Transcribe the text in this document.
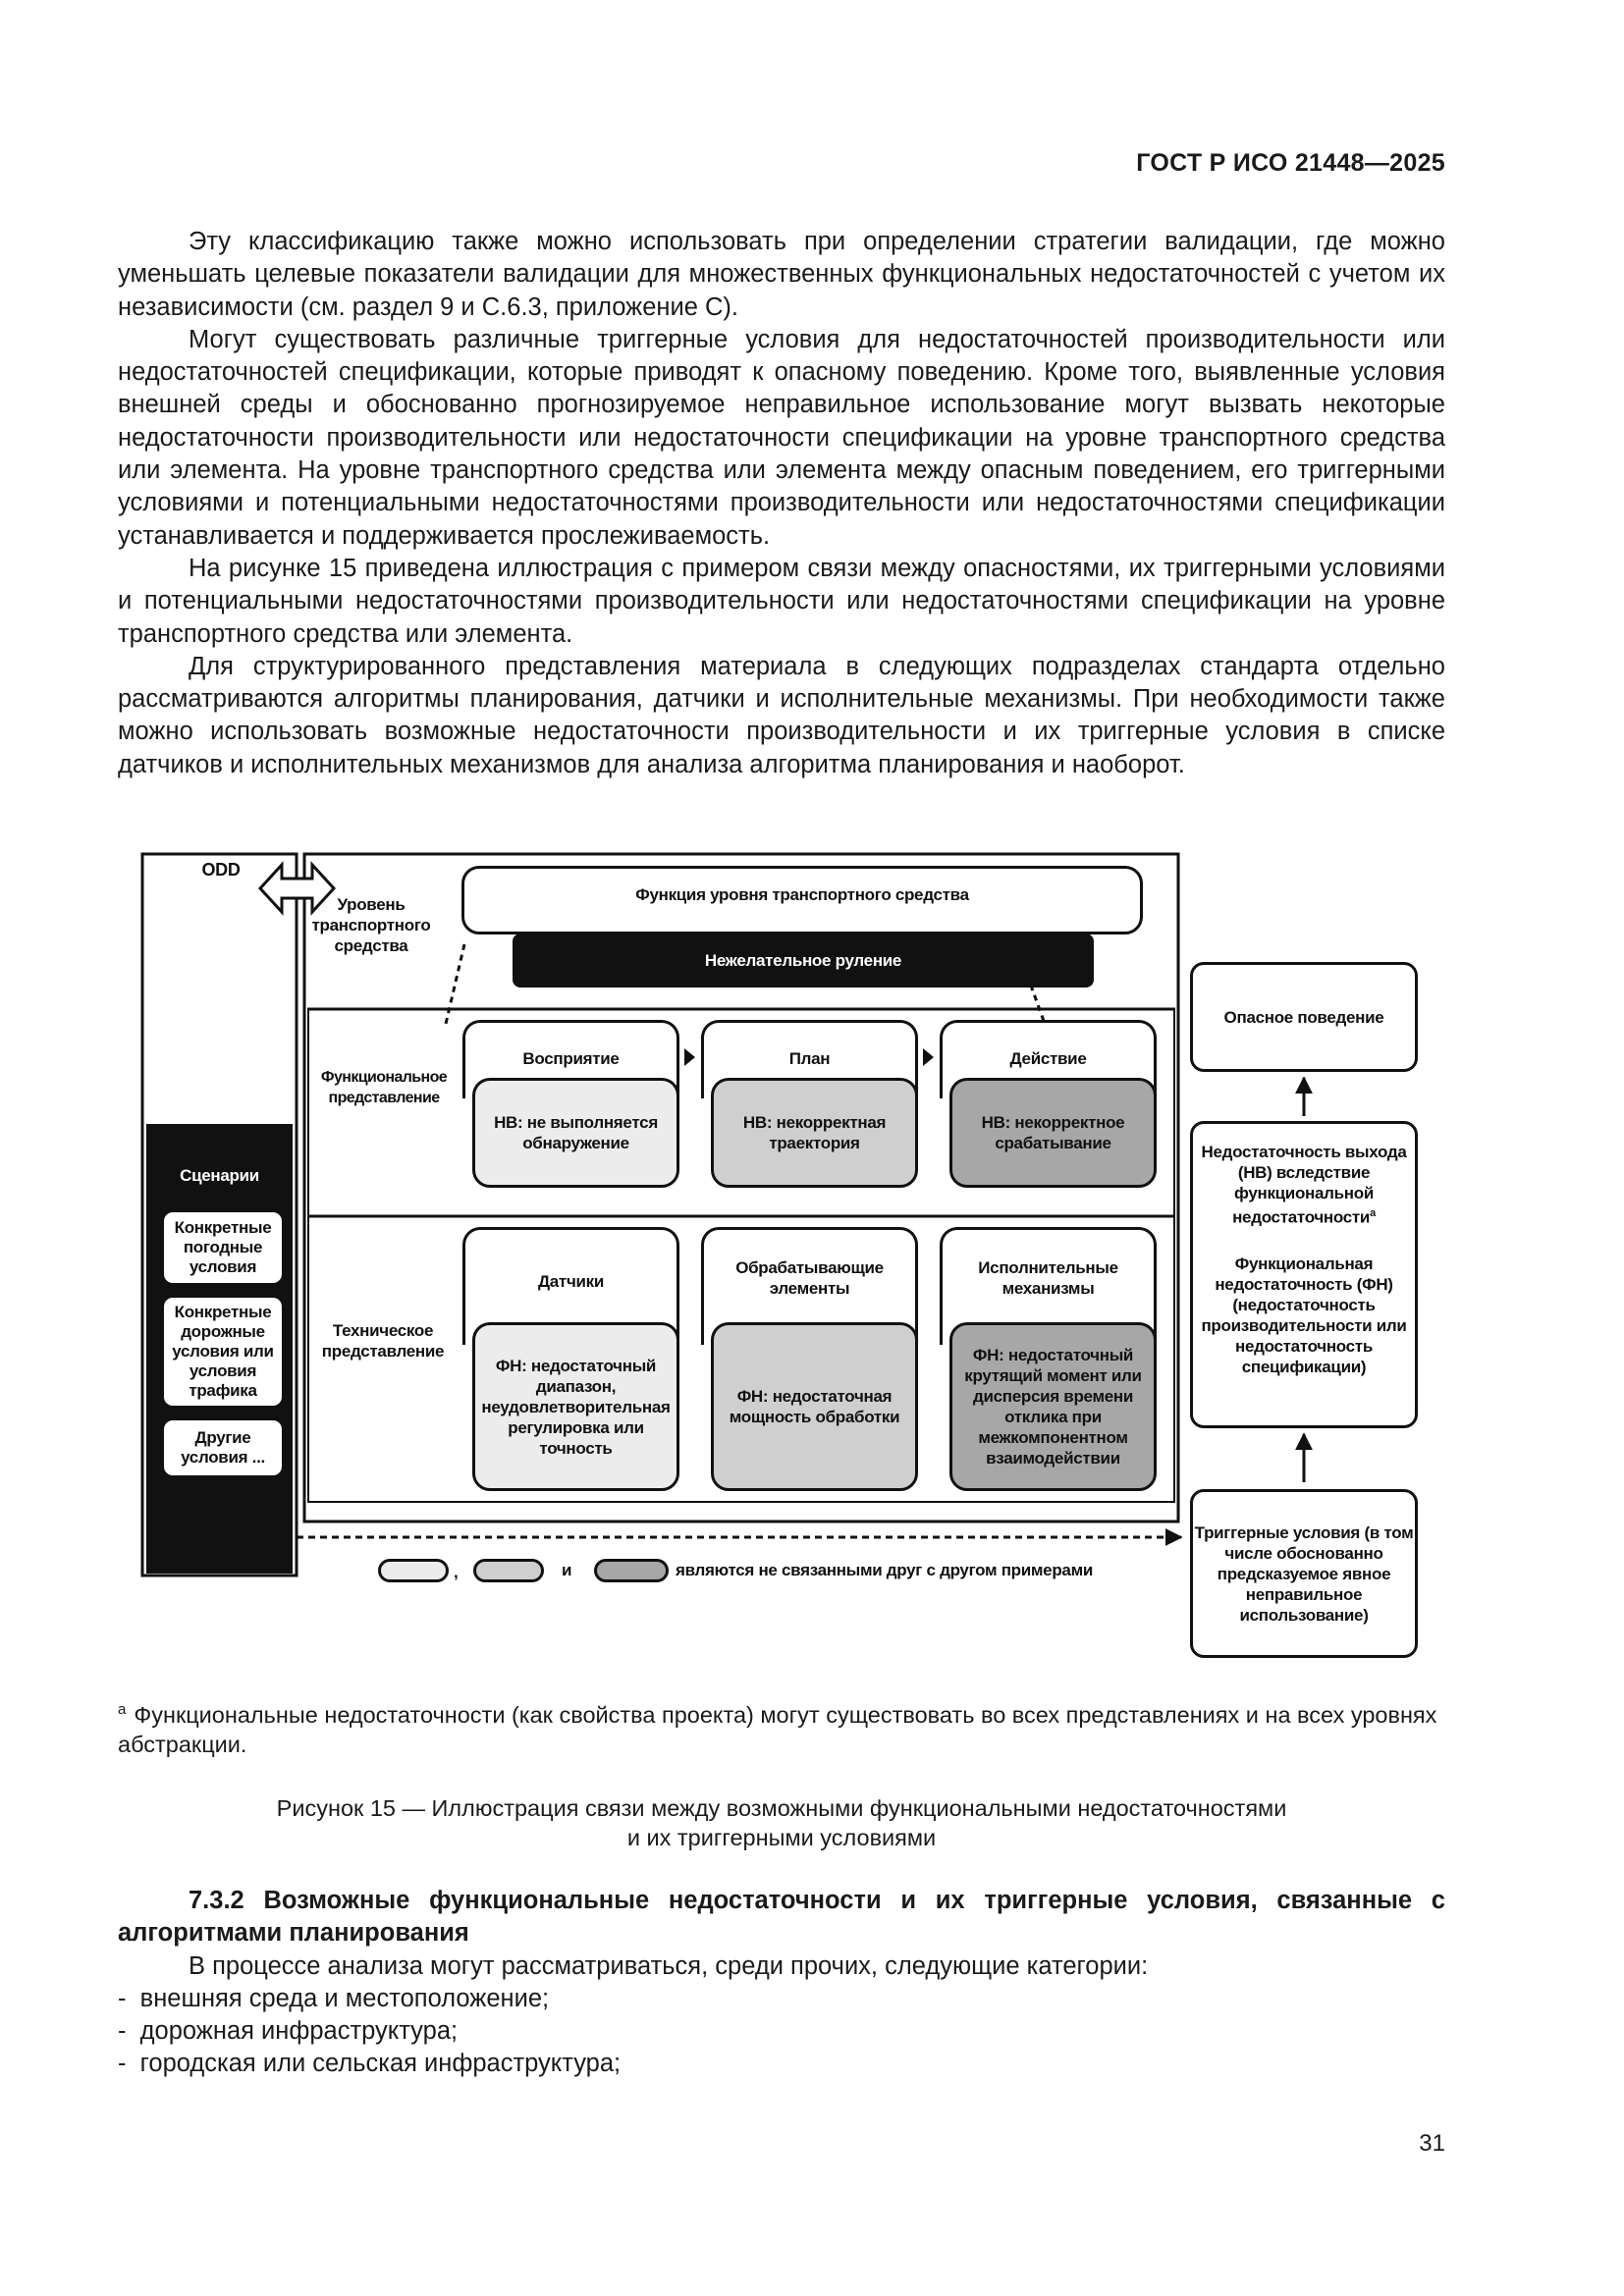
ГОСТ Р ИСО 21448—2025

Эту классификацию также можно использовать при определении стратегии валидации, где можно уменьшать целевые показатели валидации для множественных функциональных недостаточностей с учетом их независимости (см. раздел 9 и С.6.3, приложение С).

Могут существовать различные триггерные условия для недостаточностей производительности или недостаточностей спецификации, которые приводят к опасному поведению. Кроме того, выявленные условия внешней среды и обоснованно прогнозируемое неправильное использование могут вызвать некоторые недостаточности производительности или недостаточности спецификации на уровне транспортного средства или элемента. На уровне транспортного средства или элемента между опасным поведением, его триггерными условиями и потенциальными недостаточностями производительности или недостаточностями спецификации устанавливается и поддерживается прослеживаемость.

На рисунке 15 приведена иллюстрация с примером связи между опасностями, их триггерными условиями и потенциальными недостаточностями производительности или недостаточностями спецификации на уровне транспортного средства или элемента.

Для структурированного представления материала в следующих подразделах стандарта отдельно рассматриваются алгоритмы планирования, датчики и исполнительные механизмы. При необходимости также можно использовать возможные недостаточности производительности и их триггерные условия в списке датчиков и исполнительных механизмов для анализа алгоритма планирования и наоборот.

ODD
Сценарии
Конкретные погодные условия
Конкретные дорожные условия или условия трафика
Другие условия ...
Уровень транспортного средства
Функциональное представление
Техническое представление
Функция уровня транспортного средства
Нежелательное руление
Восприятие	План	Действие
НВ: не выполняется обнаружение
НВ: некорректная траектория
НВ: некорректное срабатывание
Датчики
Обрабатывающие элементы
Исполнительные механизмы
ФН: недостаточный диапазон, неудовлетворительная регулировка или точность
ФН: недостаточная мощность обработки
ФН: недостаточный крутящий момент или дисперсия времени отклика при межкомпонентном взаимодействии
Опасное поведение
Недостаточность выхода (НВ) вследствие функциональной недостаточности$^a$
Функциональная недостаточность (ФН) (недостаточность производительности или недостаточность спецификации)
Триггерные условия (в том числе обоснованно предсказуемое явное неправильное использование)
,	и	являются не связанными друг с другом примерами
$^a$ Функциональные недостаточности (как свойства проекта) могут существовать во всех представлениях и на всех уровнях абстракции.
Рисунок 15 — Иллюстрация связи между возможными функциональными недостаточностями
и их триггерными условиями

7.3.2 Возможные функциональные недостаточности и их триггерные условия, связанные с алгоритмами планирования

В процессе анализа могут рассматриваться, среди прочих, следующие категории:

-  внешняя среда и местоположение;

-  дорожная инфраструктура;

-  городская или сельская инфраструктура;

31
